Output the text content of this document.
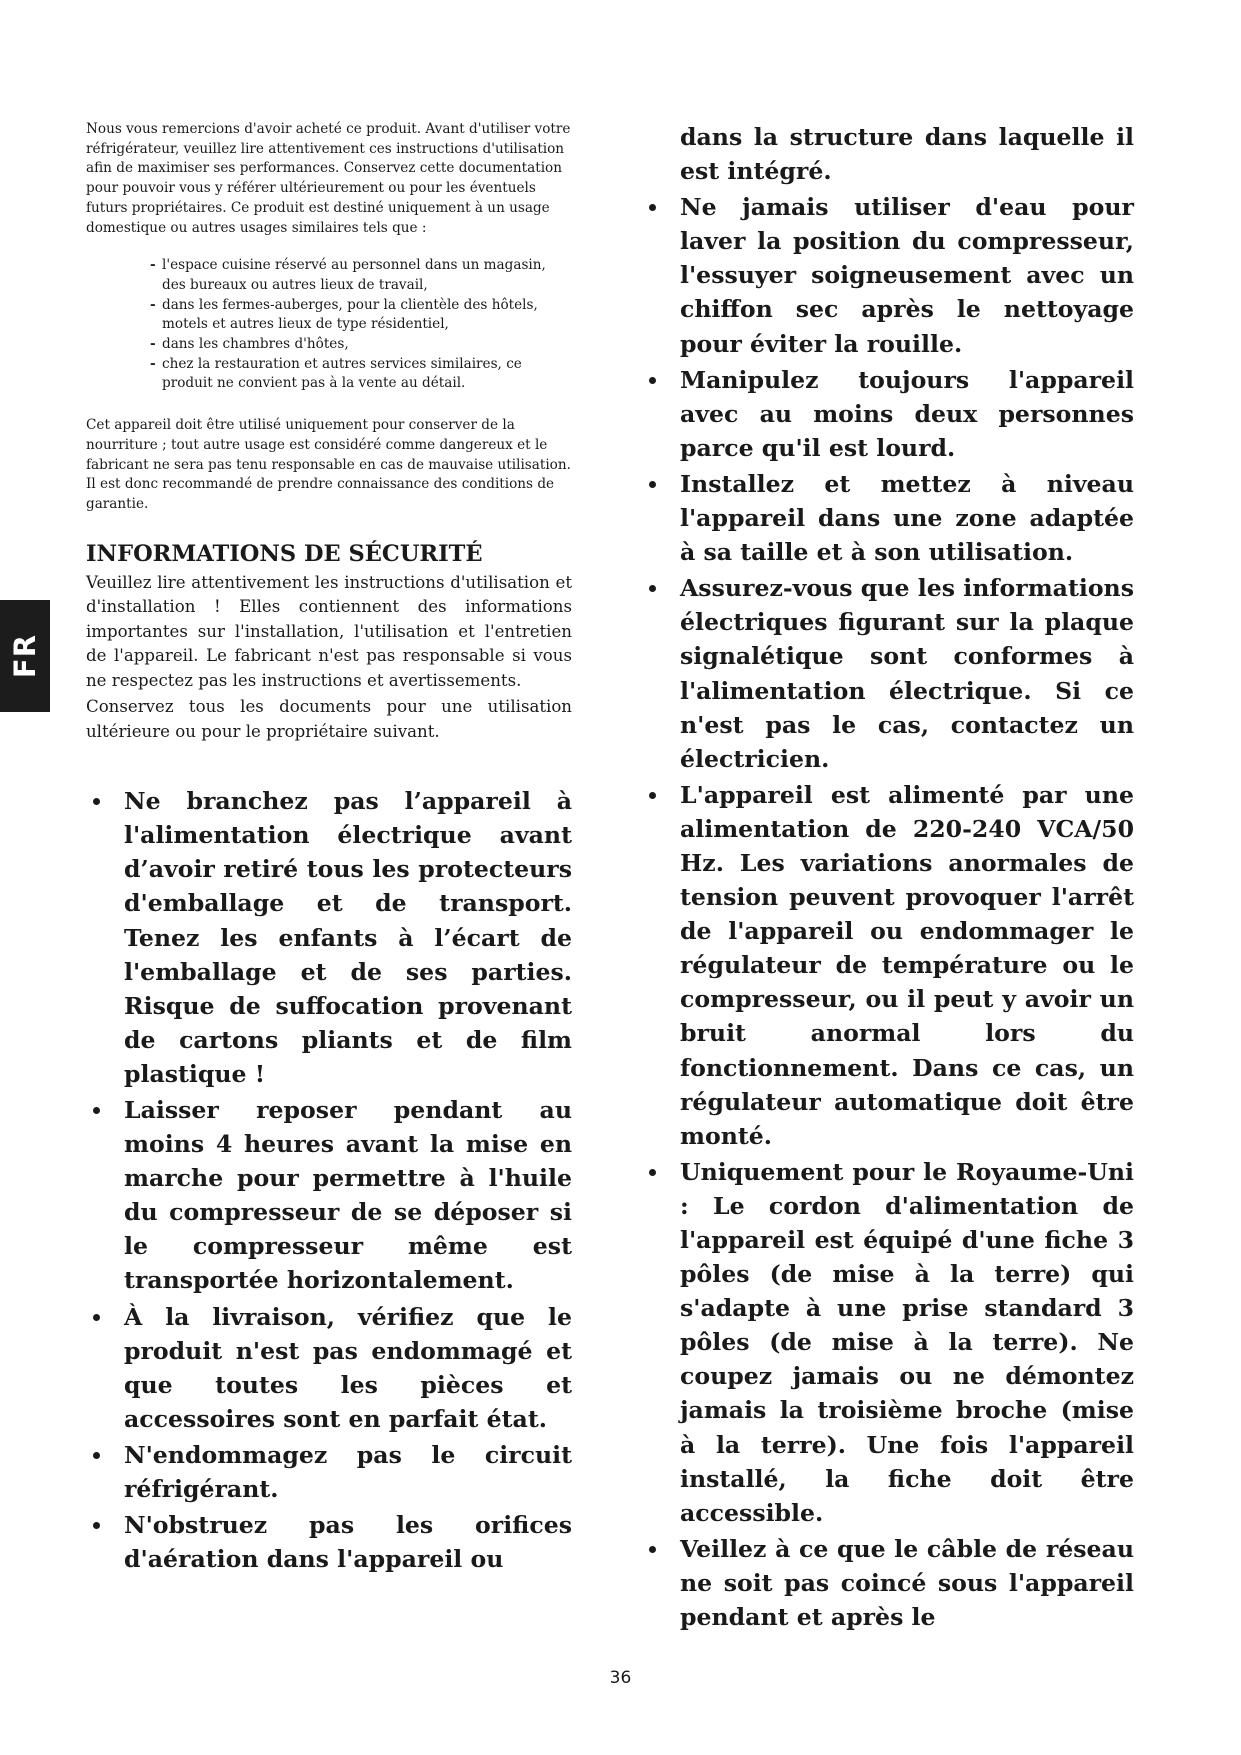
FR

Nous vous remercions d'avoir acheté ce produit. Avant d'utiliser votre réfrigérateur, veuillez lire attentivement ces instructions d'utilisation afin de maximiser ses performances. Conservez cette documentation pour pouvoir vous y référer ultérieurement ou pour les éventuels futurs propriétaires. Ce produit est destiné uniquement à un usage domestique ou autres usages similaires tels que :

- l'espace cuisine réservé au personnel dans un magasin, des bureaux ou autres lieux de travail,
- dans les fermes-auberges, pour la clientèle des hôtels, motels et autres lieux de type résidentiel,
- dans les chambres d'hôtes,
- chez la restauration et autres services similaires, ce produit ne convient pas à la vente au détail.

Cet appareil doit être utilisé uniquement pour conserver de la nourriture ; tout autre usage est considéré comme dangereux et le fabricant ne sera pas tenu responsable en cas de mauvaise utilisation. Il est donc recommandé de prendre connaissance des conditions de garantie.

INFORMATIONS DE SÉCURITÉ

Veuillez lire attentivement les instructions d'utilisation et d'installation ! Elles contiennent des informations importantes sur l'installation, l'utilisation et l'entretien de l'appareil. Le fabricant n'est pas responsable si vous ne respectez pas les instructions et avertissements.

Conservez tous les documents pour une utilisation ultérieure ou pour le propriétaire suivant.

Ne branchez pas l’appareil à l'alimentation électrique avant d’avoir retiré tous les protecteurs d'emballage et de transport. Tenez les enfants à l’écart de l'emballage et de ses parties. Risque de suffocation provenant de cartons pliants et de film plastique !
Laisser reposer pendant au moins 4 heures avant la mise en marche pour permettre à l'huile du compresseur de se déposer si le compresseur même est transportée horizontalement.
À la livraison, vérifiez que le produit n'est pas endommagé et que toutes les pièces et accessoires sont en parfait état.
N'endommagez pas le circuit réfrigérant.
N'obstruez pas les orifices d'aération dans l'appareil ou

dans la structure dans laquelle il est intégré.

Ne jamais utiliser d'eau pour laver la position du compresseur, l'essuyer soigneusement avec un chiffon sec après le nettoyage pour éviter la rouille.
Manipulez toujours l'appareil avec au moins deux personnes parce qu'il est lourd.
Installez et mettez à niveau l'appareil dans une zone adaptée à sa taille et à son utilisation.
Assurez-vous que les informations électriques figurant sur la plaque signalétique sont conformes à l'alimentation électrique. Si ce n'est pas le cas, contactez un électricien.
L'appareil est alimenté par une alimentation de 220-240 VCA/50 Hz. Les variations anormales de tension peuvent provoquer l'arrêt de l'appareil ou endommager le régulateur de température ou le compresseur, ou il peut y avoir un bruit anormal lors du fonctionnement. Dans ce cas, un régulateur automatique doit être monté.
Uniquement pour le Royaume-Uni : Le cordon d'alimentation de l'appareil est équipé d'une fiche 3 pôles (de mise à la terre) qui s'adapte à une prise standard 3 pôles (de mise à la terre). Ne coupez jamais ou ne démontez jamais la troisième broche (mise à la terre). Une fois l'appareil installé, la fiche doit être accessible.
Veillez à ce que le câble de réseau ne soit pas coincé sous l'appareil pendant et après le
36
